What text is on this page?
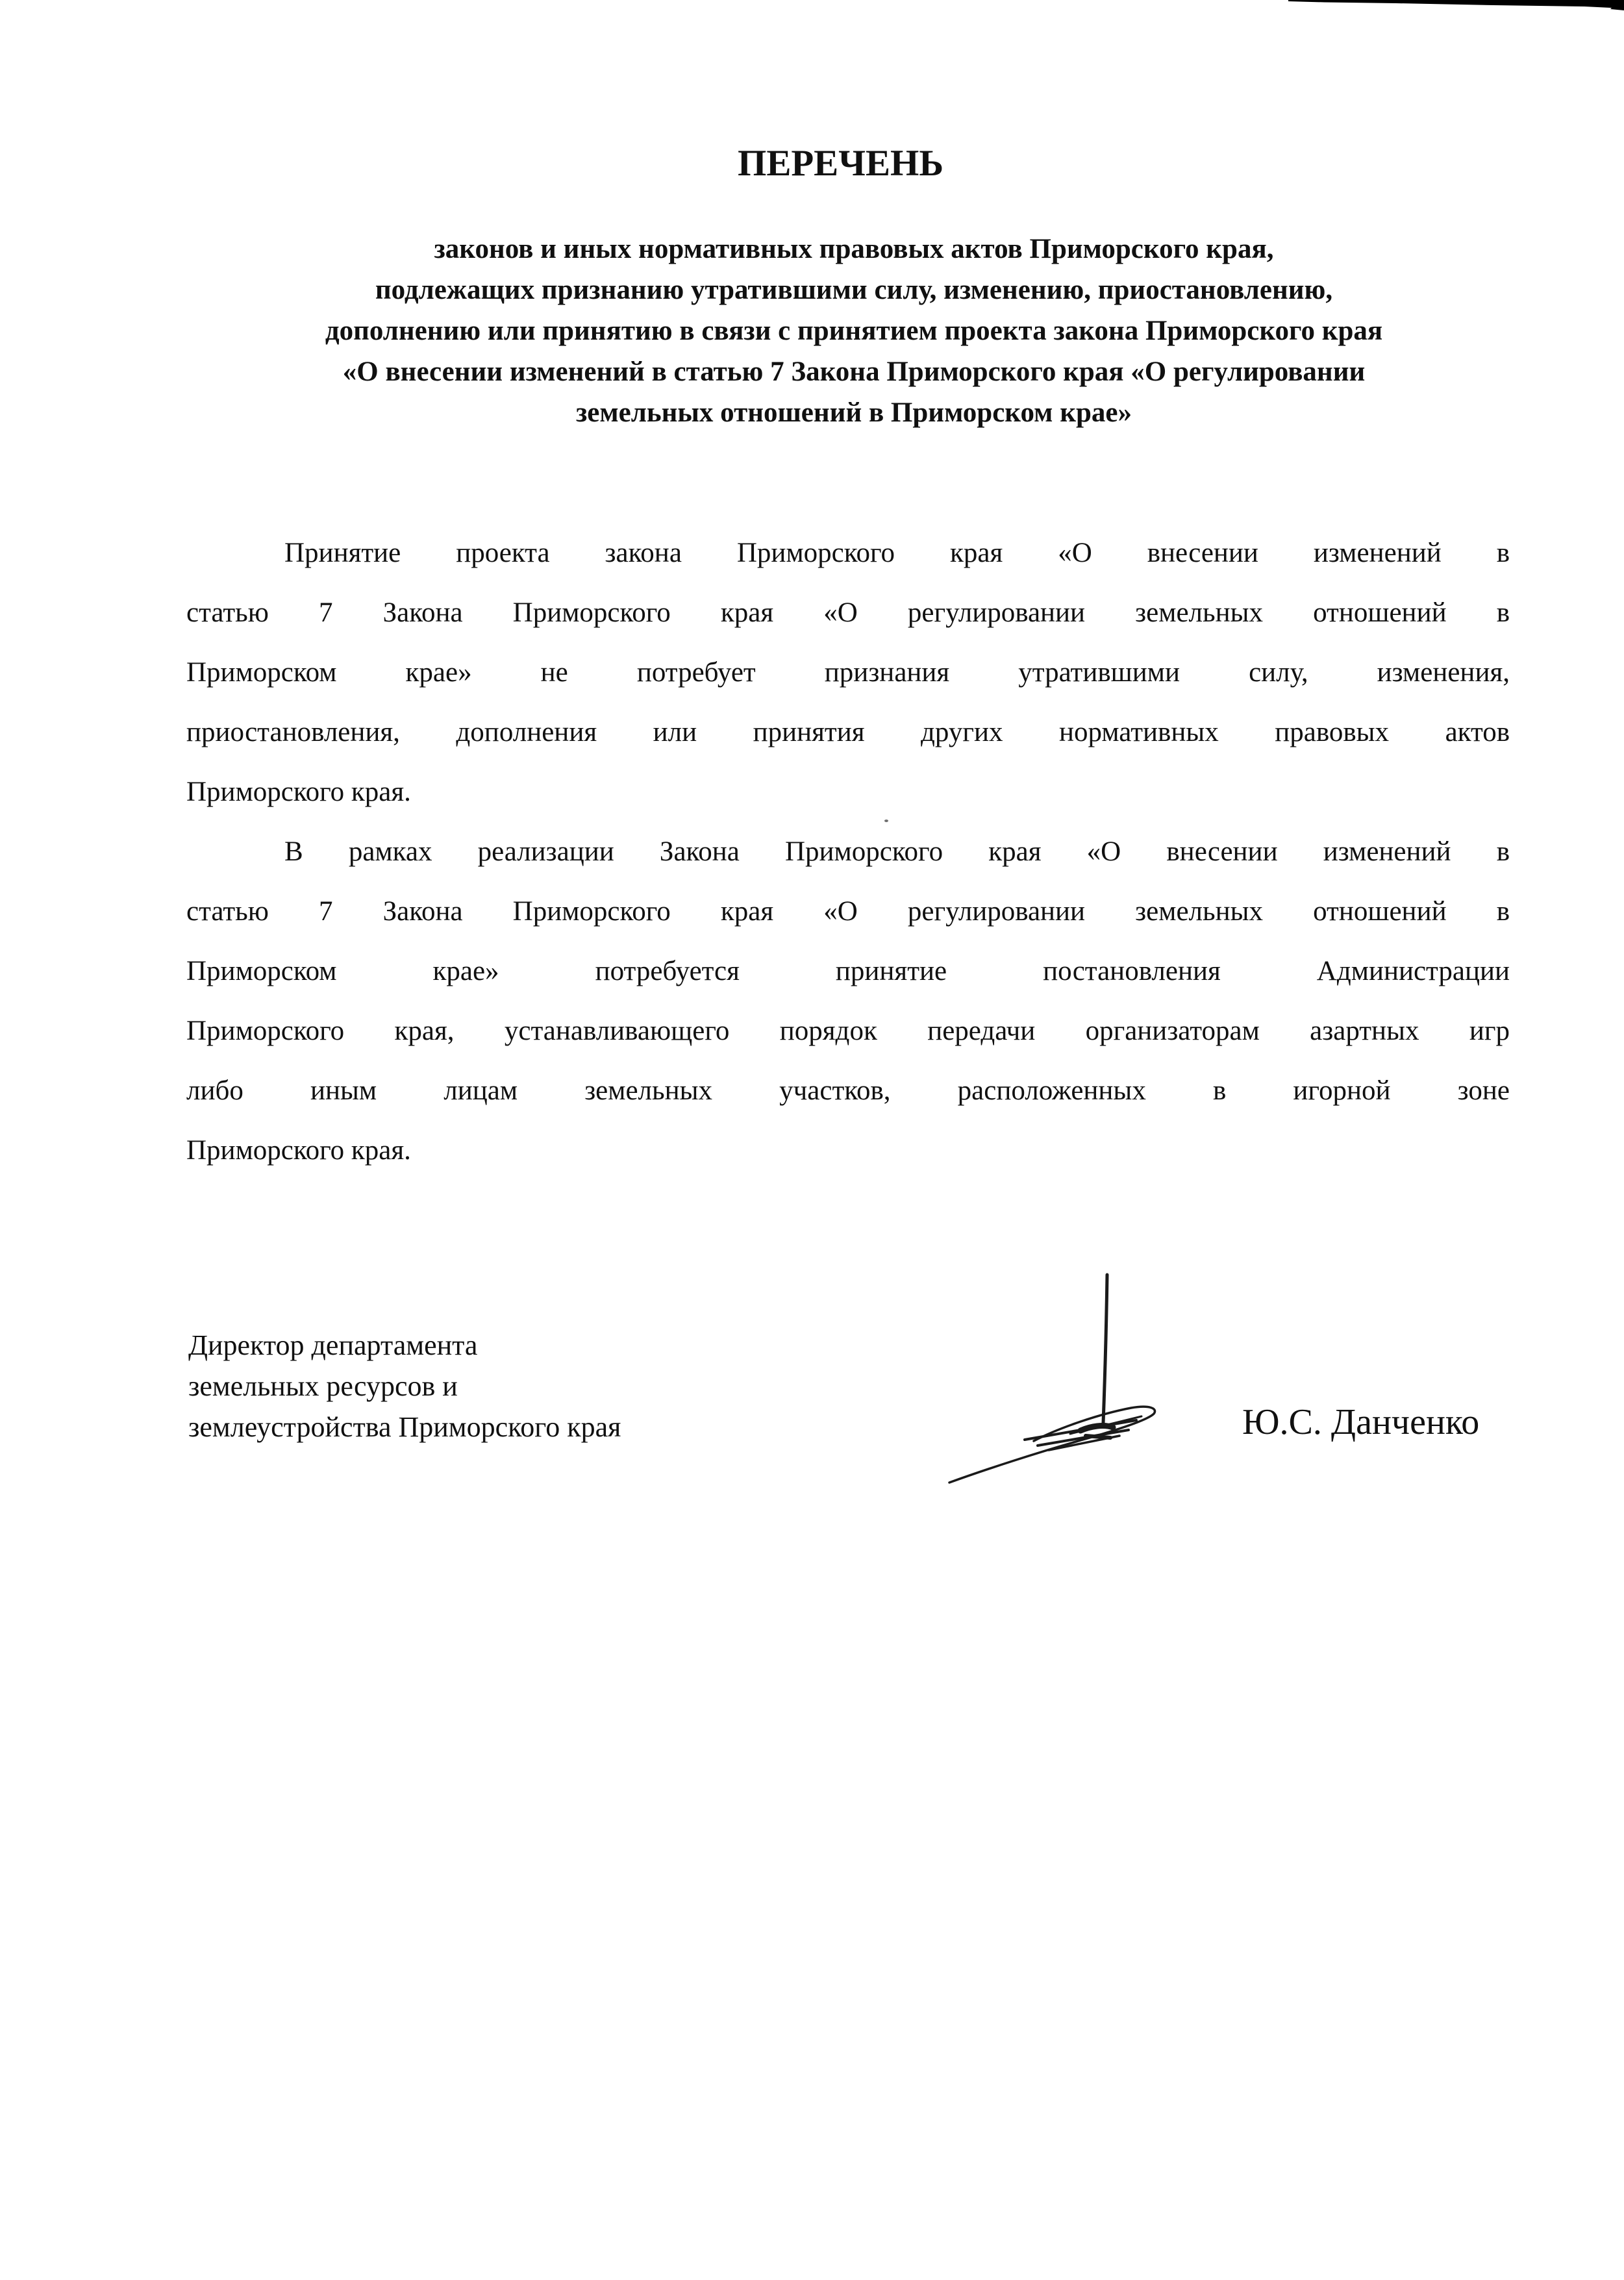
ПЕРЕЧЕНЬ
законов и иных нормативных правовых актов Приморского края,
подлежащих признанию утратившими силу, изменению, приостановлению,
дополнению или принятию в связи с принятием проекта закона Приморского края
«О внесении изменений в статью 7 Закона Приморского края «О регулировании
земельных отношений в Приморском крае»
Принятие проекта закона Приморского края «О внесении изменений в
статью 7 Закона Приморского края «О регулировании земельных отношений в
Приморском крае» не потребует признания утратившими силу, изменения,
приостановления, дополнения или принятия других нормативных правовых актов
Приморского края.
В рамках реализации Закона Приморского края «О внесении изменений в
статью 7 Закона Приморского края «О регулировании земельных отношений в
Приморском крае» потребуется принятие постановления Администрации
Приморского края, устанавливающего порядок передачи организаторам азартных игр
либо иным лицам земельных участков, расположенных в игорной зоне
Приморского края.
Директор департамента
земельных ресурсов и
землеустройства Приморского края	Ю.С. Данченко
